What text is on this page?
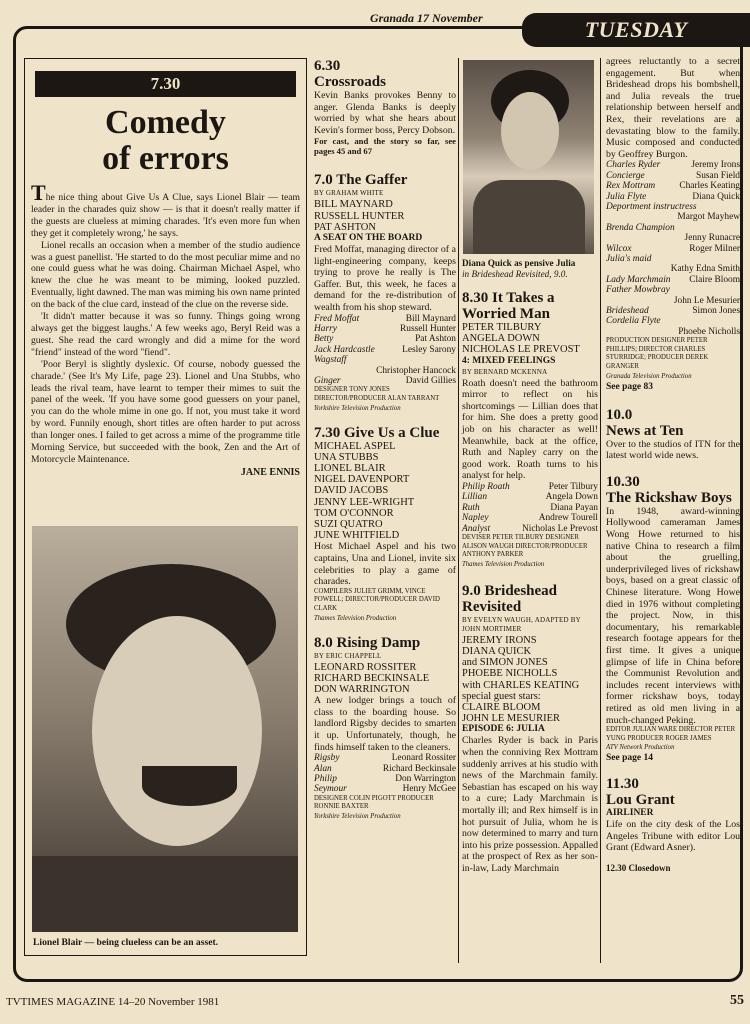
Granada 17 November	TUESDAY
7.30
Comedy
of errors

The nice thing about Give Us A Clue, says Lionel Blair — team leader in the charades quiz show — is that it doesn't really matter if the guests are clueless at miming charades. 'It's even more fun when they get it completely wrong,' he says.

Lionel recalls an occasion when a member of the studio audience was a guest panellist. 'He started to do the most peculiar mime and no one could guess what he was doing. Chairman Michael Aspel, who knew the clue he was meant to be miming, looked puzzled. Eventually, light dawned. The man was miming his own name printed on the back of the clue card, instead of the clue on the reverse side.

'It didn't matter because it was so funny. Things going wrong always get the biggest laughs.' A few weeks ago, Beryl Reid was a guest. She read the card wrongly and did a mime for the word "friend" instead of the word "fiend".

'Poor Beryl is slightly dyslexic. Of course, nobody guessed the charade.' (See It's My Life, page 23). Lionel and Una Stubbs, who leads the rival team, have learnt to temper their mimes to suit the panel of the week. 'If you have some good guessers on your panel, you can do the whole mime in one go. If not, you must take it word by word. Funnily enough, short titles are often harder to put across than longer ones. I failed to get across a mime of the programme title Morning Service, but succeeded with the book, Zen and the Art of Motorcycle Maintenance.

JANE ENNIS
Lionel Blair — being clueless can be an asset.
6.30
Crossroads

Kevin Banks provokes Benny to anger. Glenda Banks is deeply worried by what she hears about Kevin's former boss, Percy Dobson.

For cast, and the story so far, see pages 45 and 67

7.0 The Gaffer
BY GRAHAM WHITE
BILL MAYNARD
RUSSELL HUNTER
PAT ASHTON
A SEAT ON THE BOARD

Fred Moffat, managing director of a light-engineering company, keeps trying to prove he really is The Gaffer. But, this week, he faces a demand for the re-distribution of wealth from his shop steward.

Fred Moffat	Bill Maynard
Harry	Russell Hunter
Betty	Pat Ashton
Jack Hardcastle	Lesley Sarony
Wagstaff
Christopher Hancock
Ginger	David Gillies
DESIGNER TONY JONES DIRECTOR/PRODUCER ALAN TARRANT
Yorkshire Television Production
7.30 Give Us a Clue
MICHAEL ASPEL
UNA STUBBS
LIONEL BLAIR
NIGEL DAVENPORT
DAVID JACOBS
JENNY LEE-WRIGHT
TOM O'CONNOR
SUZI QUATRO
JUNE WHITFIELD

Host Michael Aspel and his two captains, Una and Lionel, invite six celebrities to play a game of charades.

COMPILERS JULIET GRIMM, VINCE POWELL; DIRECTOR/PRODUCER DAVID CLARK
Thames Television Production
8.0 Rising Damp
BY ERIC CHAPPELL
LEONARD ROSSITER
RICHARD BECKINSALE
DON WARRINGTON

A new lodger brings a touch of class to the boarding house. So landlord Rigsby decides to smarten it up. Unfortunately, though, he finds himself taken to the cleaners.

Rigsby	Leonard Rossiter
Alan	Richard Beckinsale
Philip	Don Warrington
Seymour	Henry McGee
DESIGNER COLIN PIGOTT PRODUCER RONNIE BAXTER
Yorkshire Television Production
Diana Quick as pensive Julia
in Brideshead Revisited, 9.0.
8.30 It Takes a Worried Man
PETER TILBURY
ANGELA DOWN
NICHOLAS LE PREVOST
4: MIXED FEELINGS
BY BERNARD MCKENNA

Roath doesn't need the bathroom mirror to reflect on his shortcomings — Lillian does that for him. She does a pretty good job on his character as well! Meanwhile, back at the office, Ruth and Napley carry on the good work. Roath turns to his analyst for help.

Philip Roath	Peter Tilbury
Lillian	Angela Down
Ruth	Diana Payan
Napley	Andrew Tourell
Analyst	Nicholas Le Prevost
DEVISER PETER TILBURY DESIGNER ALISON WAUGH DIRECTOR/PRODUCER ANTHONY PARKER
Thames Television Production
9.0 Brideshead Revisited
BY EVELYN WAUGH, ADAPTED BY JOHN MORTIMER
JEREMY IRONS
DIANA QUICK
and SIMON JONES
PHOEBE NICHOLLS
with CHARLES KEATING
special guest stars:
CLAIRE BLOOM
JOHN LE MESURIER
EPISODE 6: JULIA

Charles Ryder is back in Paris when the conniving Rex Mottram suddenly arrives at his studio with news of the Marchmain family. Sebastian has escaped on his way to a cure; Lady Marchmain is mortally ill; and Rex himself is in hot pursuit of Julia, whom he is now determined to marry and turn into his prize possession. Appalled at the prospect of Rex as her son-in-law, Lady Marchmain

agrees reluctantly to a secret engagement. But when Brideshead drops his bombshell, and Julia reveals the true relationship between herself and Rex, their revelations are a devastating blow to the family. Music composed and conducted by Geoffrey Burgon.

Charles Ryder	Jeremy Irons
Concierge	Susan Field
Rex Mottram	Charles Keating
Julia Flyte	Diana Quick
Deportment instructress
Margot Mayhew
Brenda Champion
Jenny Runacre
Wilcox	Roger Milner
Julia's maid
Kathy Edna Smith
Lady Marchmain Claire Bloom
Father Mowbray
John Le Mesurier
Brideshead	Simon Jones
Cordelia Flyte
Phoebe Nicholls
PRODUCTION DESIGNER PETER PHILLIPS; DIRECTOR CHARLES STURRIDGE; PRODUCER DEREK GRANGER
Granada Television Production
See page 83
10.0
News at Ten

Over to the studios of ITN for the latest world wide news.

10.30
The Rickshaw Boys

In 1948, award-winning Hollywood cameraman James Wong Howe returned to his native China to research a film about the gruelling, underprivileged lives of rickshaw boys, based on a great classic of Chinese literature. Wong Howe died in 1976 without completing the project. Now, in this documentary, his remarkable research footage appears for the first time. It gives a unique glimpse of life in China before the Communist Revolution and includes recent interviews with former rickshaw boys, today retired as old men living in a much-changed Peking.

EDITOR JULIAN WARE DIRECTOR PETER YUNG PRODUCER ROGER JAMES
ATV Network Production
See page 14
11.30
Lou Grant
AIRLINER

Life on the city desk of the Los Angeles Tribune with editor Lou Grant (Edward Asner).

12.30 Closedown
TVTIMES MAGAZINE 14–20 November 1981	55
